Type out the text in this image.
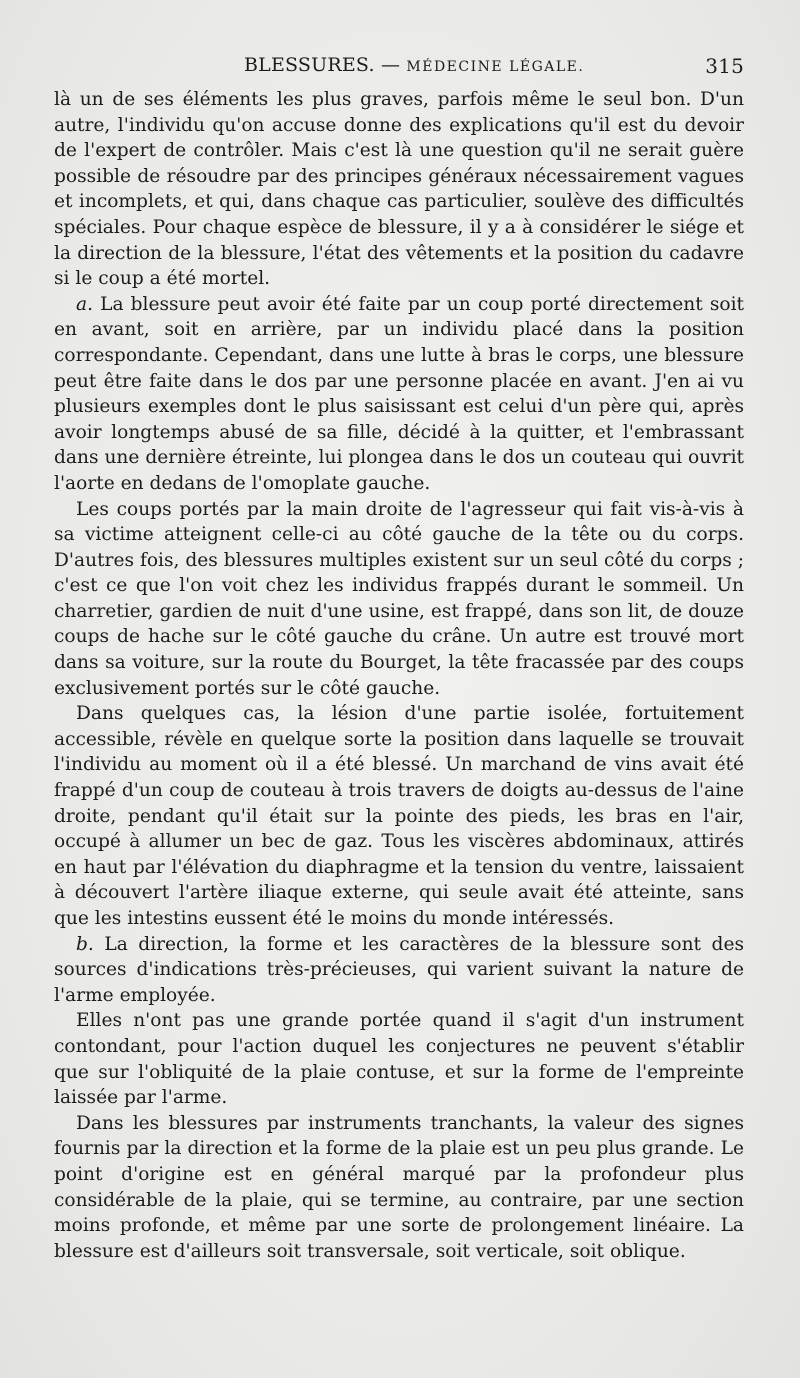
BLESSURES. — MÉDECINE LÉGALE.	315

là un de ses éléments les plus graves, parfois même le seul bon. D'un autre, l'individu qu'on accuse donne des explications qu'il est du devoir de l'expert de contrôler. Mais c'est là une question qu'il ne serait guère possible de résoudre par des principes généraux nécessairement vagues et incomplets, et qui, dans chaque cas particulier, soulève des difficultés spéciales. Pour chaque espèce de blessure, il y a à considérer le siége et la direction de la blessure, l'état des vêtements et la position du cadavre si le coup a été mortel.

a. La blessure peut avoir été faite par un coup porté directement soit en avant, soit en arrière, par un individu placé dans la position correspondante. Cependant, dans une lutte à bras le corps, une blessure peut être faite dans le dos par une personne placée en avant. J'en ai vu plusieurs exemples dont le plus saisissant est celui d'un père qui, après avoir longtemps abusé de sa fille, décidé à la quitter, et l'embrassant dans une dernière étreinte, lui plongea dans le dos un couteau qui ouvrit l'aorte en dedans de l'omoplate gauche.

Les coups portés par la main droite de l'agresseur qui fait vis-à-vis à sa victime atteignent celle-ci au côté gauche de la tête ou du corps. D'autres fois, des blessures multiples existent sur un seul côté du corps ; c'est ce que l'on voit chez les individus frappés durant le sommeil. Un charretier, gardien de nuit d'une usine, est frappé, dans son lit, de douze coups de hache sur le côté gauche du crâne. Un autre est trouvé mort dans sa voiture, sur la route du Bourget, la tête fracassée par des coups exclusivement portés sur le côté gauche.

Dans quelques cas, la lésion d'une partie isolée, fortuitement accessible, révèle en quelque sorte la position dans laquelle se trouvait l'individu au moment où il a été blessé. Un marchand de vins avait été frappé d'un coup de couteau à trois travers de doigts au-dessus de l'aine droite, pendant qu'il était sur la pointe des pieds, les bras en l'air, occupé à allumer un bec de gaz. Tous les viscères abdominaux, attirés en haut par l'élévation du diaphragme et la tension du ventre, laissaient à découvert l'artère iliaque externe, qui seule avait été atteinte, sans que les intestins eussent été le moins du monde intéressés.

b. La direction, la forme et les caractères de la blessure sont des sources d'indications très-précieuses, qui varient suivant la nature de l'arme employée.

Elles n'ont pas une grande portée quand il s'agit d'un instrument contondant, pour l'action duquel les conjectures ne peuvent s'établir que sur l'obliquité de la plaie contuse, et sur la forme de l'empreinte laissée par l'arme.

Dans les blessures par instruments tranchants, la valeur des signes fournis par la direction et la forme de la plaie est un peu plus grande. Le point d'origine est en général marqué par la profondeur plus considérable de la plaie, qui se termine, au contraire, par une section moins profonde, et même par une sorte de prolongement linéaire. La blessure est d'ailleurs soit transversale, soit verticale, soit oblique.
